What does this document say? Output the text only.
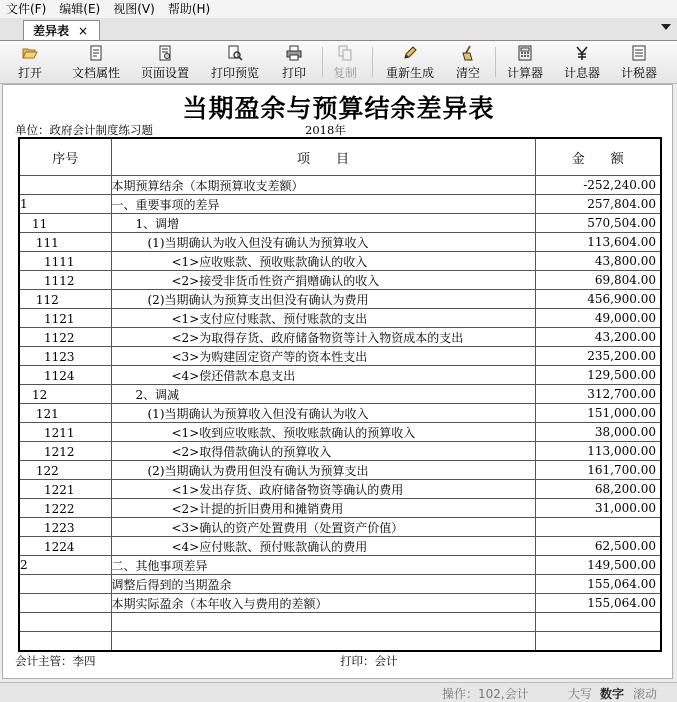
文件(F)	编辑(E)	视图(V)	帮助(H)
差异表 ×
打开 文档属性 页面设置 打印预览 打印 复制 重新生成 清空 计算器 计息器 计税器
当期盈余与预算结余差异表
单位：政府会计制度练习题	2018年
序号	项　　目	金　　额
	本期预算结余（本期预算收支差额）	-252,240.00
1	一、重要事项的差异	257,804.00
　11	　　1、调增	570,504.00
　 111	　　　(1)当期确认为收入但没有确认为预算收入	113,604.00
　　1111	　　　　　<1>应收账款、预收账款确认的收入	43,800.00
　　1112	　　　　　<2>接受非货币性资产捐赠确认的收入	69,804.00
　 112	　　　(2)当期确认为预算支出但没有确认为费用	456,900.00
　　1121	　　　　　<1>支付应付账款、预付账款的支出	49,000.00
　　1122	　　　　　<2>为取得存货、政府储备物资等计入物资成本的支出	43,200.00
　　1123	　　　　　<3>为购建固定资产等的资本性支出	235,200.00
　　1124	　　　　　<4>偿还借款本息支出	129,500.00
　12	　　2、调减	312,700.00
　 121	　　　(1)当期确认为预算收入但没有确认为收入	151,000.00
　　1211	　　　　　<1>收到应收账款、预收账款确认的预算收入	38,000.00
　　1212	　　　　　<2>取得借款确认的预算收入	113,000.00
　 122	　　　(2)当期确认为费用但没有确认为预算支出	161,700.00
　　1221	　　　　　<1>发出存货、政府储备物资等确认的费用	68,200.00
　　1222	　　　　　<2>计提的折旧费用和摊销费用	31,000.00
　　1223	　　　　　<3>确认的资产处置费用（处置资产价值）	
　　1224	　　　　　<4>应付账款、预付账款确认的费用	62,500.00
2	二、其他事项差异	149,500.00
	调整后得到的当期盈余	155,064.00
	本期实际盈余（本年收入与费用的差额）	155,064.00

会计主管：李四	打印：会计
操作：102,会计	大写 数字 滚动
